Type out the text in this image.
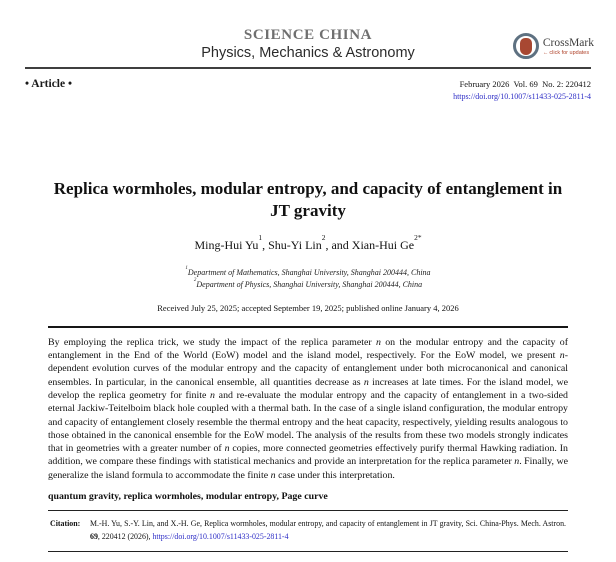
SCIENCE CHINA
Physics, Mechanics & Astronomy
CrossMark
←click for updates
• Article •	February 2026  Vol. 69  No. 2: 220412
https://doi.org/10.1007/s11433-025-2811-4
Replica wormholes, modular entropy, and capacity of entanglement in JT gravity
Ming-Hui Yu$^1$, Shu-Yi Lin$^2$, and Xian-Hui $Ge^{2*}$
$^1$Department of Mathematics, Shanghai University, Shanghai 200444, China
$^2$Department of Physics, Shanghai University, Shanghai 200444, China
Received July 25, 2025; accepted September 19, 2025; published online January 4, 2026

By employing the replica trick, we study the impact of the replica parameter n on the modular entropy and the capacity of entanglement in the End of the World (EoW) model and the island model, respectively. For the EoW model, we present n-dependent evolution curves of the modular entropy and the capacity of entanglement under both microcanonical and canonical ensembles. In particular, in the canonical ensemble, all quantities decrease as n increases at late times. For the island model, we develop the replica geometry for finite n and re-evaluate the modular entropy and the capacity of entanglement in a two-sided eternal Jackiw-Teitelboim black hole coupled with a thermal bath. In the case of a single island configuration, the modular entropy and capacity of entanglement closely resemble the thermal entropy and the heat capacity, respectively, yielding results analogous to those obtained in the canonical ensemble for the EoW model. The analysis of the results from these two models strongly indicates that in geometries with a greater number of n copies, more connected geometries effectively purify thermal Hawking radiation. In addition, we compare these findings with statistical mechanics and provide an interpretation for the replica parameter n. Finally, we generalize the island formula to accommodate the finite n case under this interpretation.

quantum gravity, replica wormholes, modular entropy, Page curve

Citation:	M.-H. Yu, S.-Y. Lin, and X.-H. Ge, Replica wormholes, modular entropy, and capacity of entanglement in JT gravity, Sci. China-Phys. Mech. Astron. 69, 220412 (2026), https://doi.org/10.1007/s11433-025-2811-4
